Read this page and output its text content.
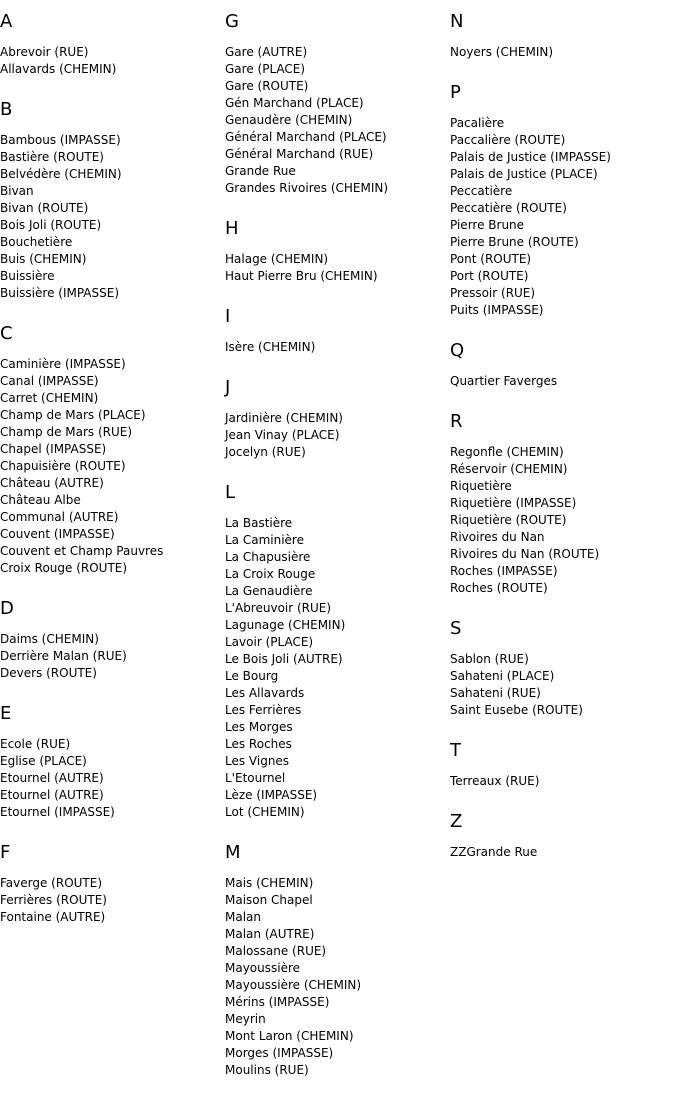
A
Abrevoir (RUE)
Allavards (CHEMIN)
B
Bambous (IMPASSE)
Bastière (ROUTE)
Belvédère (CHEMIN)
Bivan
Bivan (ROUTE)
Bois Joli (ROUTE)
Bouchetière
Buis (CHEMIN)
Buissière
Buissière (IMPASSE)
C
Caminière (IMPASSE)
Canal (IMPASSE)
Carret (CHEMIN)
Champ de Mars (PLACE)
Champ de Mars (RUE)
Chapel (IMPASSE)
Chapuisière (ROUTE)
Château (AUTRE)
Château Albe
Communal (AUTRE)
Couvent (IMPASSE)
Couvent et Champ Pauvres
Croix Rouge (ROUTE)
D
Daims (CHEMIN)
Derrière Malan (RUE)
Devers (ROUTE)
E
Ecole (RUE)
Eglise (PLACE)
Etournel (AUTRE)
Etournel (AUTRE)
Etournel (IMPASSE)
F
Faverge (ROUTE)
Ferrières (ROUTE)
Fontaine (AUTRE)
G
Gare (AUTRE)
Gare (PLACE)
Gare (ROUTE)
Gén Marchand (PLACE)
Genaudère (CHEMIN)
Général Marchand (PLACE)
Général Marchand (RUE)
Grande Rue
Grandes Rivoires (CHEMIN)
H
Halage (CHEMIN)
Haut Pierre Bru (CHEMIN)
I
Isère (CHEMIN)
J
Jardinière (CHEMIN)
Jean Vinay (PLACE)
Jocelyn (RUE)
L
La Bastière
La Caminière
La Chapusière
La Croix Rouge
La Genaudière
L'Abreuvoir (RUE)
Lagunage (CHEMIN)
Lavoir (PLACE)
Le Bois Joli (AUTRE)
Le Bourg
Les Allavards
Les Ferrières
Les Morges
Les Roches
Les Vignes
L'Etournel
Lèze (IMPASSE)
Lot (CHEMIN)
M
Mais (CHEMIN)
Maison Chapel
Malan
Malan (AUTRE)
Malossane (RUE)
Mayoussière
Mayoussière (CHEMIN)
Mérins (IMPASSE)
Meyrin
Mont Laron (CHEMIN)
Morges (IMPASSE)
Moulins (RUE)
N
Noyers (CHEMIN)
P
Pacalière
Paccalière (ROUTE)
Palais de Justice (IMPASSE)
Palais de Justice (PLACE)
Peccatière
Peccatière (ROUTE)
Pierre Brune
Pierre Brune (ROUTE)
Pont (ROUTE)
Port (ROUTE)
Pressoir (RUE)
Puits (IMPASSE)
Q
Quartier Faverges
R
Regonfle (CHEMIN)
Réservoir (CHEMIN)
Riquetière
Riquetière (IMPASSE)
Riquetière (ROUTE)
Rivoires du Nan
Rivoires du Nan (ROUTE)
Roches (IMPASSE)
Roches (ROUTE)
S
Sablon (RUE)
Sahateni (PLACE)
Sahateni (RUE)
Saint Eusebe (ROUTE)
T
Terreaux (RUE)
Z
ZZGrande Rue
